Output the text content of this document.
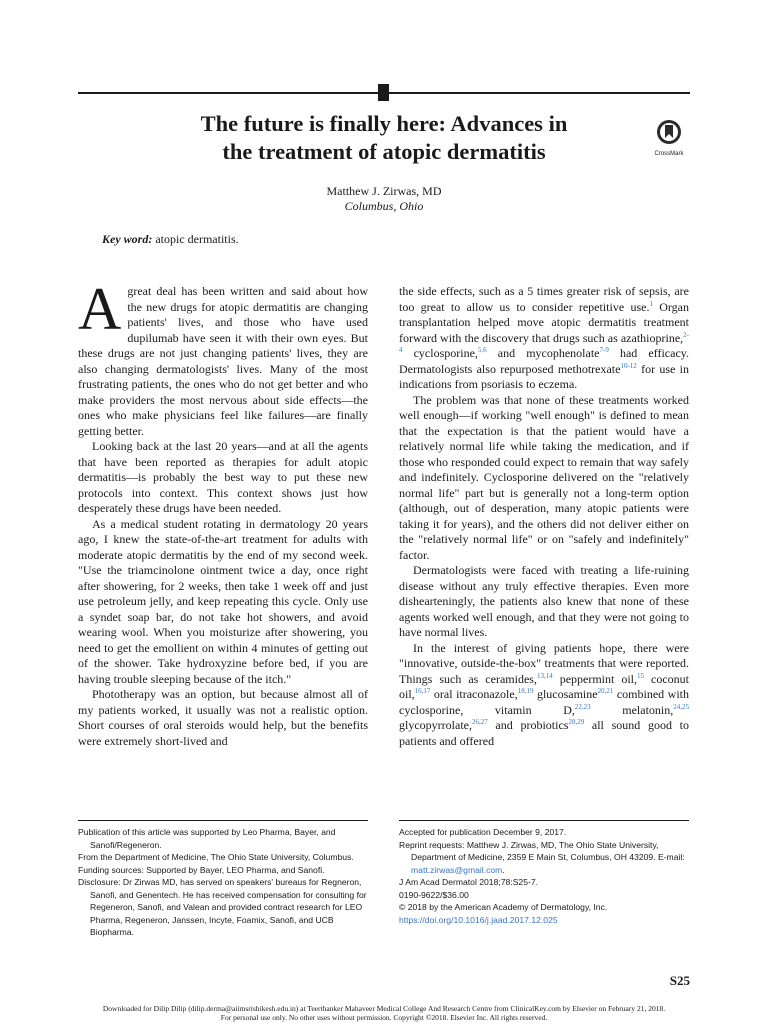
The future is finally here: Advances in
the treatment of atopic dermatitis	CrossMark
Matthew J. Zirwas, MD
Columbus, Ohio
Key word: atopic dermatitis.

Agreat deal has been written and said about how the new drugs for atopic dermatitis are changing patients' lives, and those who have used dupilumab have seen it with their own eyes. But these drugs are not just changing patients' lives, they are also changing dermatologists' lives. Many of the most frustrating patients, the ones who do not get better and who make providers the most nervous about side effects—the ones who make physicians feel like failures—are finally getting better.

Looking back at the last 20 years—and at all the agents that have been reported as therapies for adult atopic dermatitis—is probably the best way to put these new protocols into context. This context shows just how desperately these drugs have been needed.

As a medical student rotating in dermatology 20 years ago, I knew the state-of-the-art treatment for adults with moderate atopic dermatitis by the end of my second week. "Use the triamcinolone ointment twice a day, once right after showering, for 2 weeks, then take 1 week off and just use petroleum jelly, and keep repeating this cycle. Only use a syndet soap bar, do not take hot showers, and avoid wearing wool. When you moisturize after showering, you need to get the emollient on within 4 minutes of getting out of the shower. Take hydroxyzine before bed, if you are having trouble sleeping because of the itch."

Phototherapy was an option, but because almost all of my patients worked, it usually was not a realistic option. Short courses of oral steroids would help, but the benefits were extremely short-lived and

the side effects, such as a 5 times greater risk of sepsis, are too great to allow us to consider repetitive use.$^1$ Organ transplantation helped move atopic dermatitis treatment forward with the discovery that drugs such as azathioprine,$^{2-4}$ cyclosporine,$^{5,6}$ and mycophenolate$^{7-9}$ had efficacy. Dermatologists also repurposed methotrexate$^{10-12}$ for use in indications from psoriasis to eczema.

The problem was that none of these treatments worked well enough—if working "well enough" is defined to mean that the expectation is that the patient would have a relatively normal life while taking the medication, and if those who responded could expect to remain that way safely and indefinitely. Cyclosporine delivered on the "relatively normal life" part but is generally not a long-term option (although, out of desperation, many atopic patients were taking it for years), and the others did not deliver either on the "relatively normal life" or on "safely and indefinitely" factor.

Dermatologists were faced with treating a life-ruining disease without any truly effective therapies. Even more dishearteningly, the patients also knew that none of these agents worked well enough, and that they were not going to have normal lives.

In the interest of giving patients hope, there were "innovative, outside-the-box" treatments that were reported. Things such as ceramides,$^{13,14}$ peppermint oil,$^{15}$ coconut oil,$^{16,17}$ oral itraconazole,$^{18,19}$ glucosamine$^{20,21}$ combined with cyclosporine, vitamin D,$^{22,23}$ melatonin,$^{24,25}$ glycopyrrolate,$^{26,27}$ and probiotics$^{28,29}$ all sound good to patients and offered

Publication of this article was supported by Leo Pharma, Bayer, and Sanofi/Regeneron.
From the Department of Medicine, The Ohio State University, Columbus.
Funding sources: Supported by Bayer, LEO Pharma, and Sanofi.
Disclosure: Dr Zirwas MD, has served on speakers' bureaus for Regneron, Sanofi, and Genentech. He has received compensation for consulting for Regeneron, Sanofi, and Valean and provided contract research for LEO Pharma, Regeneron, Janssen, Incyte, Foamix, Sanofi, and UCB Biopharma.
Accepted for publication December 9, 2017.
Reprint requests: Matthew J. Zirwas, MD, The Ohio State University, Department of Medicine, 2359 E Main St, Columbus, OH 43209. E-mail: matt.zirwas@gmail.com.
J Am Acad Dermatol 2018;78:S25-7.
0190-9622/$36.00
© 2018 by the American Academy of Dermatology, Inc.
https://doi.org/10.1016/j.jaad.2017.12.025
S25
Downloaded for Dilip Dilip (dilip.derma@aiimsrishikesh.edu.in) at Teerthanker Mahaveer Medical College And Research Centre from ClinicalKey.com by Elsevier on February 21, 2018.
For personal use only. No other uses without permission. Copyright ©2018. Elsevier Inc. All rights reserved.
